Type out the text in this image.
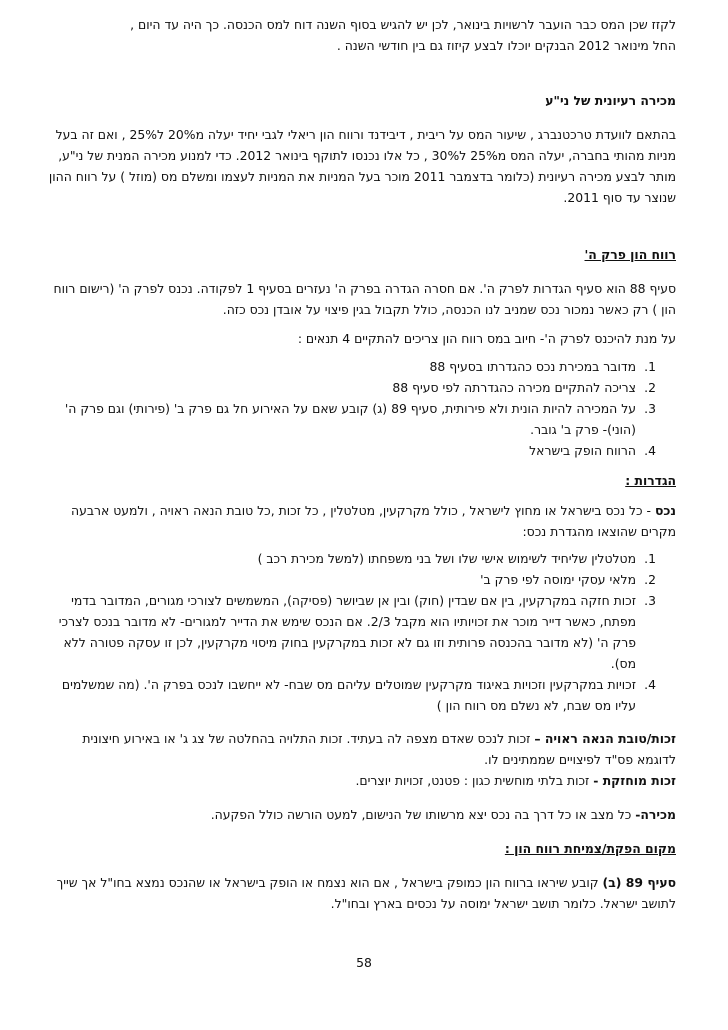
לקזז שכן המס כבר הועבר לרשויות בינואר, לכן יש להגיש בסוף השנה דוח למס הכנסה. כך היה עד היום ,

החל מינואר 2012 הבנקים יוכלו לבצע קיזוז גם בין חודשי השנה .

מכירה רעיונית של ני"ע

בהתאם לוועדת טרכטנברג , שיעור המס על ריבית , דיבידנד ורווח הון ריאלי לגבי יחיד יעלה מ20% ל25% , ואם זה בעל מניות מהותי בחברה, יעלה המס מ25% ל30% , כל אלו נכנסו לתוקף בינואר 2012. כדי למנוע מכירה המנית של ני"ע, מותר לבצע מכירה רעיונית (כלומר בדצמבר 2011 מוכר בעל המניות את המניות לעצמו ומשלם מס (מוזל ) על רווח ההון שנוצר עד סוף 2011.

רווח הון פרק ה'

סעיף 88 הוא סעיף הגדרות לפרק ה'. אם חסרה הגדרה בפרק ה' נעזרים בסעיף 1 לפקודה. נכנס לפרק ה' (רישום רווח הון ) רק כאשר נמכור נכס שמניב לנו הכנסה, כולל תקבול בגין פיצוי על אובדן נכס כזה.

על מנת להיכנס לפרק ה'- חיוב במס רווח הון צריכים להתקיים 4 תנאים :

1.
מדובר במכירת נכס כהגדרתו בסעיף 88
2.
צריכה להתקיים מכירה כהגדרתה לפי סעיף 88
3.
על המכירה להיות הונית ולא פירותית, סעיף 89 (ג) קובע שאם על האירוע חל גם פרק ב' (פירותי) וגם פרק ה' (הוני)- פרק ב' גובר.
4.
הרווח הופק בישראל

הגדרות :

נכס - כל נכס בישראל או מחוץ לישראל , כולל מקרקעין, מטלטלין , כל זכות ,כל טובת הנאה ראויה , ולמעט ארבעה מקרים שהוצאו מהגדרת נכס:

1.
מטלטלין שליחיד לשימוש אישי שלו ושל בני משפחתו (למשל מכירת רכב )
2.
מלאי עסקי ימוסה לפי פרק ב'
3.
זכות חזקה במקרקעין, בין אם שבדין (חוק) ובין אן שביושר (פסיקה), המשמשים לצורכי מגורים, המדובר בדמי מפתח, כאשר דייר מוכר את זכויותיו הוא מקבל 2/3. אם הנכס שימש את הדייר למגורים- לא מדובר בנכס לצרכי פרק ה' (לא מדובר בהכנסה פרותית וזו גם לא זכות במקרקעין בחוק מיסוי מקרקעין, לכן זו עסקה פטורה ללא מס).
4.
זכויות במקרקעין וזכויות באיגוד מקרקעין שמוטלים עליהם מס שבח- לא ייחשבו לנכס בפרק ה'. (מה שמשלמים עליו מס שבח, לא נשלם מס רווח הון )

זכות/טובת הנאה ראויה – זכות לנכס שאדם מצפה לה בעתיד. זכות התלויה בהחלטה של צג ג' או באירוע חיצונית לדוגמא פס"ד לפיצויים שממתינים לו.

זכות מוחזקת - זכות בלתי מוחשית כגון : פטנט, זכויות יוצרים.

מכירה- כל מצב או כל דרך בה נכס יצא מרשותו של הנישום, למעט הורשה כולל הפקעה.

מקום הפקת/צמיחת רווח הון :

סעיף 89 (ב) קובע שיראו ברווח הון כמופק בישראל , אם הוא נצמח או הופק בישראל או שהנכס נמצא בחו"ל אך שייך לתושב ישראל. כלומר תושב ישראל ימוסה על נכסים בארץ ובחו"ל.

58
